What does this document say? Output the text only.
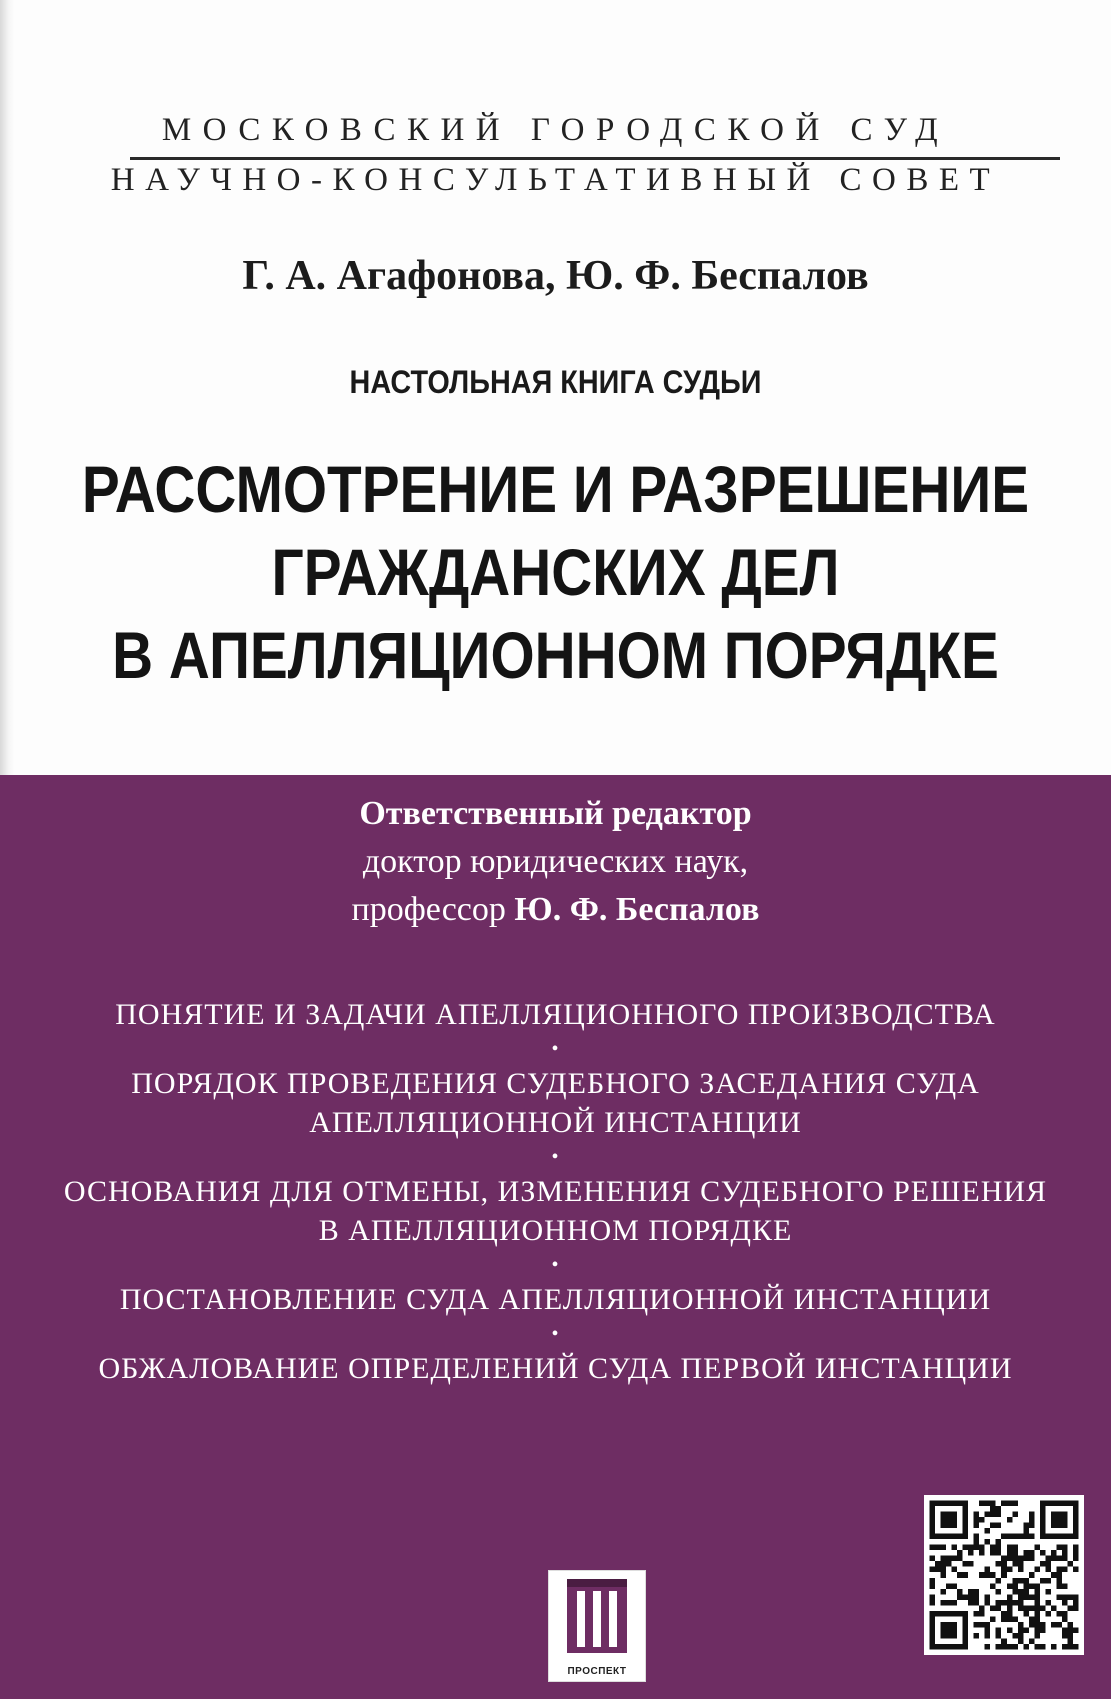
МОСКОВСКИЙ ГОРОДСКОЙ СУД
НАУЧНО-КОНСУЛЬТАТИВНЫЙ СОВЕТ
Г. А. Агафонова, Ю. Ф. Беспалов
НАСТОЛЬНАЯ КНИГА СУДЬИ
РАССМОТРЕНИЕ И РАЗРЕШЕНИЕ
ГРАЖДАНСКИХ ДЕЛ
В АПЕЛЛЯЦИОННОМ ПОРЯДКЕ
Ответственный редактор
доктор юридических наук,
профессор Ю. Ф. Беспалов
ПОНЯТИЕ И ЗАДАЧИ АПЕЛЛЯЦИОННОГО ПРОИЗВОДСТВА
•
ПОРЯДОК ПРОВЕДЕНИЯ СУДЕБНОГО ЗАСЕДАНИЯ СУДА
АПЕЛЛЯЦИОННОЙ ИНСТАНЦИИ
•
ОСНОВАНИЯ ДЛЯ ОТМЕНЫ, ИЗМЕНЕНИЯ СУДЕБНОГО РЕШЕНИЯ
В АПЕЛЛЯЦИОННОМ ПОРЯДКЕ
•
ПОСТАНОВЛЕНИЕ СУДА АПЕЛЛЯЦИОННОЙ ИНСТАНЦИИ
•
ОБЖАЛОВАНИЕ ОПРЕДЕЛЕНИЙ СУДА ПЕРВОЙ ИНСТАНЦИИ
ПРОСПЕКТ
